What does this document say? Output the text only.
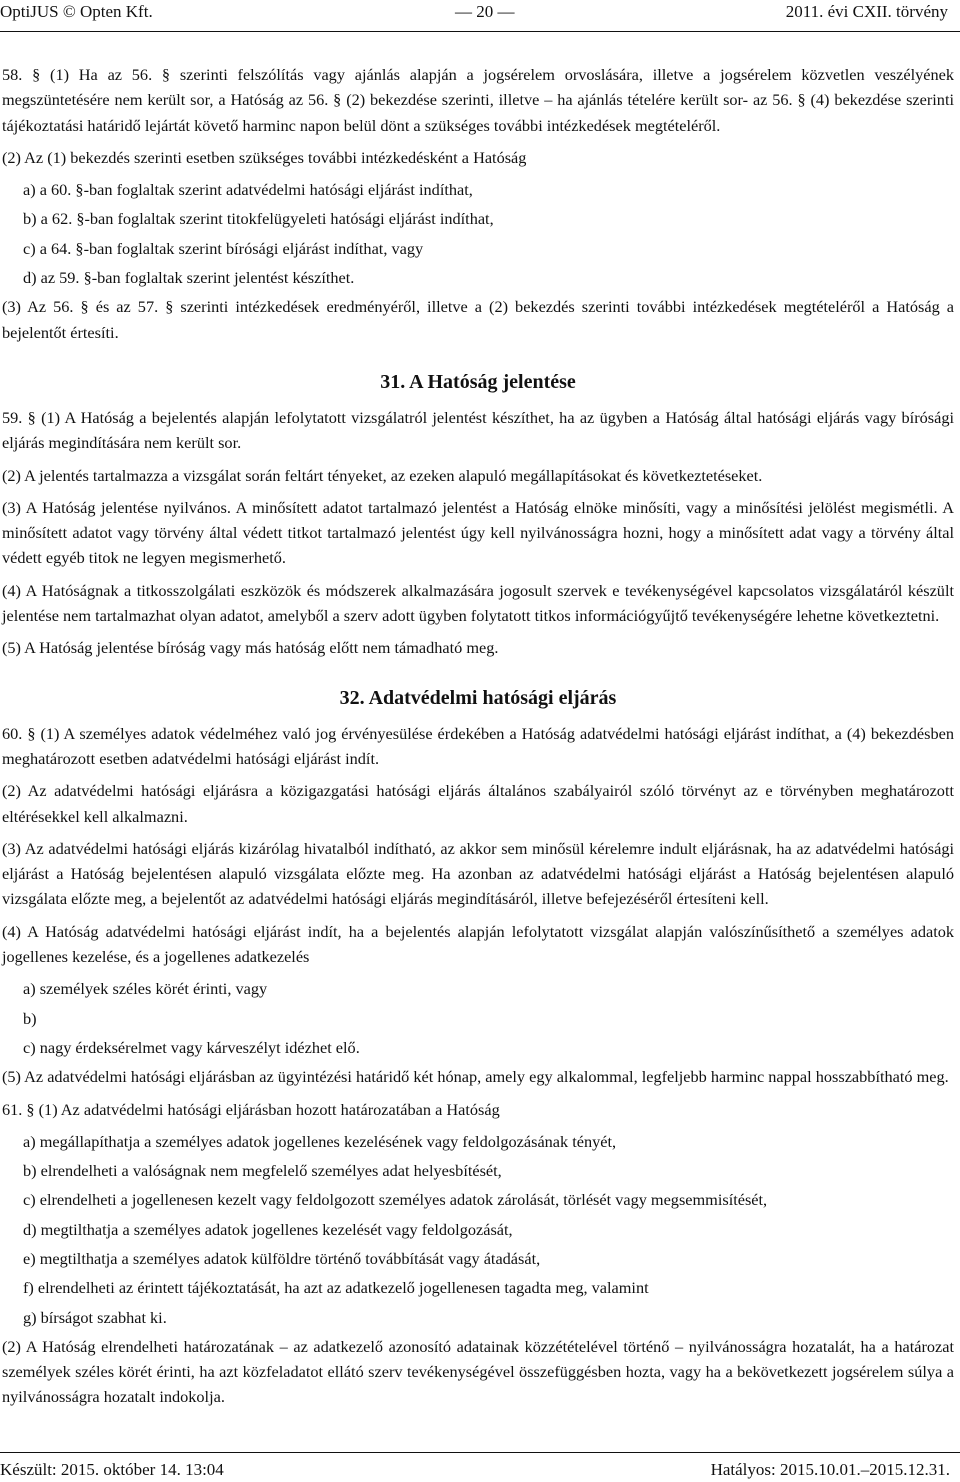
OptiJUS © Opten Kft.	— 20 —	2011. évi CXII. törvény

58. § (1) Ha az 56. § szerinti felszólítás vagy ajánlás alapján a jogsérelem orvoslására, illetve a jogsérelem közvetlen veszélyének megszüntetésére nem került sor, a Hatóság az 56. § (2) bekezdése szerinti, illetve – ha ajánlás tételére került sor- az 56. § (4) bekezdése szerinti tájékoztatási határidő lejártát követő harminc napon belül dönt a szükséges további intézkedések megtételéről.

(2) Az (1) bekezdés szerinti esetben szükséges további intézkedésként a Hatóság

a) a 60. §-ban foglaltak szerint adatvédelmi hatósági eljárást indíthat,

b) a 62. §-ban foglaltak szerint titokfelügyeleti hatósági eljárást indíthat,

c) a 64. §-ban foglaltak szerint bírósági eljárást indíthat, vagy

d) az 59. §-ban foglaltak szerint jelentést készíthet.

(3) Az 56. § és az 57. § szerinti intézkedések eredményéről, illetve a (2) bekezdés szerinti további intézkedések megtételéről a Hatóság a bejelentőt értesíti.

31. A Hatóság jelentése

59. § (1) A Hatóság a bejelentés alapján lefolytatott vizsgálatról jelentést készíthet, ha az ügyben a Hatóság által hatósági eljárás vagy bírósági eljárás megindítására nem került sor.

(2) A jelentés tartalmazza a vizsgálat során feltárt tényeket, az ezeken alapuló megállapításokat és következtetéseket.

(3) A Hatóság jelentése nyilvános. A minősített adatot tartalmazó jelentést a Hatóság elnöke minősíti, vagy a minősítési jelölést megismétli. A minősített adatot vagy törvény által védett titkot tartalmazó jelentést úgy kell nyilvánosságra hozni, hogy a minősített adat vagy a törvény által védett egyéb titok ne legyen megismerhető.

(4) A Hatóságnak a titkosszolgálati eszközök és módszerek alkalmazására jogosult szervek e tevékenységével kapcsolatos vizsgálatáról készült jelentése nem tartalmazhat olyan adatot, amelyből a szerv adott ügyben folytatott titkos információgyűjtő tevékenységére lehetne következtetni.

(5) A Hatóság jelentése bíróság vagy más hatóság előtt nem támadható meg.

32. Adatvédelmi hatósági eljárás

60. § (1) A személyes adatok védelméhez való jog érvényesülése érdekében a Hatóság adatvédelmi hatósági eljárást indíthat, a (4) bekezdésben meghatározott esetben adatvédelmi hatósági eljárást indít.

(2) Az adatvédelmi hatósági eljárásra a közigazgatási hatósági eljárás általános szabályairól szóló törvényt az e törvényben meghatározott eltérésekkel kell alkalmazni.

(3) Az adatvédelmi hatósági eljárás kizárólag hivatalból indítható, az akkor sem minősül kérelemre indult eljárásnak, ha az adatvédelmi hatósági eljárást a Hatóság bejelentésen alapuló vizsgálata előzte meg. Ha azonban az adatvédelmi hatósági eljárást a Hatóság bejelentésen alapuló vizsgálata előzte meg, a bejelentőt az adatvédelmi hatósági eljárás megindításáról, illetve befejezéséről értesíteni kell.

(4) A Hatóság adatvédelmi hatósági eljárást indít, ha a bejelentés alapján lefolytatott vizsgálat alapján valószínűsíthető a személyes adatok jogellenes kezelése, és a jogellenes adatkezelés

a) személyek széles körét érinti, vagy

b)

c) nagy érdeksérelmet vagy kárveszélyt idézhet elő.

(5) Az adatvédelmi hatósági eljárásban az ügyintézési határidő két hónap, amely egy alkalommal, legfeljebb harminc nappal hosszabbítható meg.

61. § (1) Az adatvédelmi hatósági eljárásban hozott határozatában a Hatóság

a) megállapíthatja a személyes adatok jogellenes kezelésének vagy feldolgozásának tényét,

b) elrendelheti a valóságnak nem megfelelő személyes adat helyesbítését,

c) elrendelheti a jogellenesen kezelt vagy feldolgozott személyes adatok zárolását, törlését vagy megsemmisítését,

d) megtilthatja a személyes adatok jogellenes kezelését vagy feldolgozását,

e) megtilthatja a személyes adatok külföldre történő továbbítását vagy átadását,

f) elrendelheti az érintett tájékoztatását, ha azt az adatkezelő jogellenesen tagadta meg, valamint

g) bírságot szabhat ki.

(2) A Hatóság elrendelheti határozatának – az adatkezelő azonosító adatainak közzétételével történő – nyilvánosságra hozatalát, ha a határozat személyek széles körét érinti, ha azt közfeladatot ellátó szerv tevékenységével összefüggésben hozta, vagy ha a bekövetkezett jogsérelem súlya a nyilvánosságra hozatalt indokolja.

Készült: 2015. október 14. 13:04	Hatályos: 2015.10.01.–2015.12.31.
